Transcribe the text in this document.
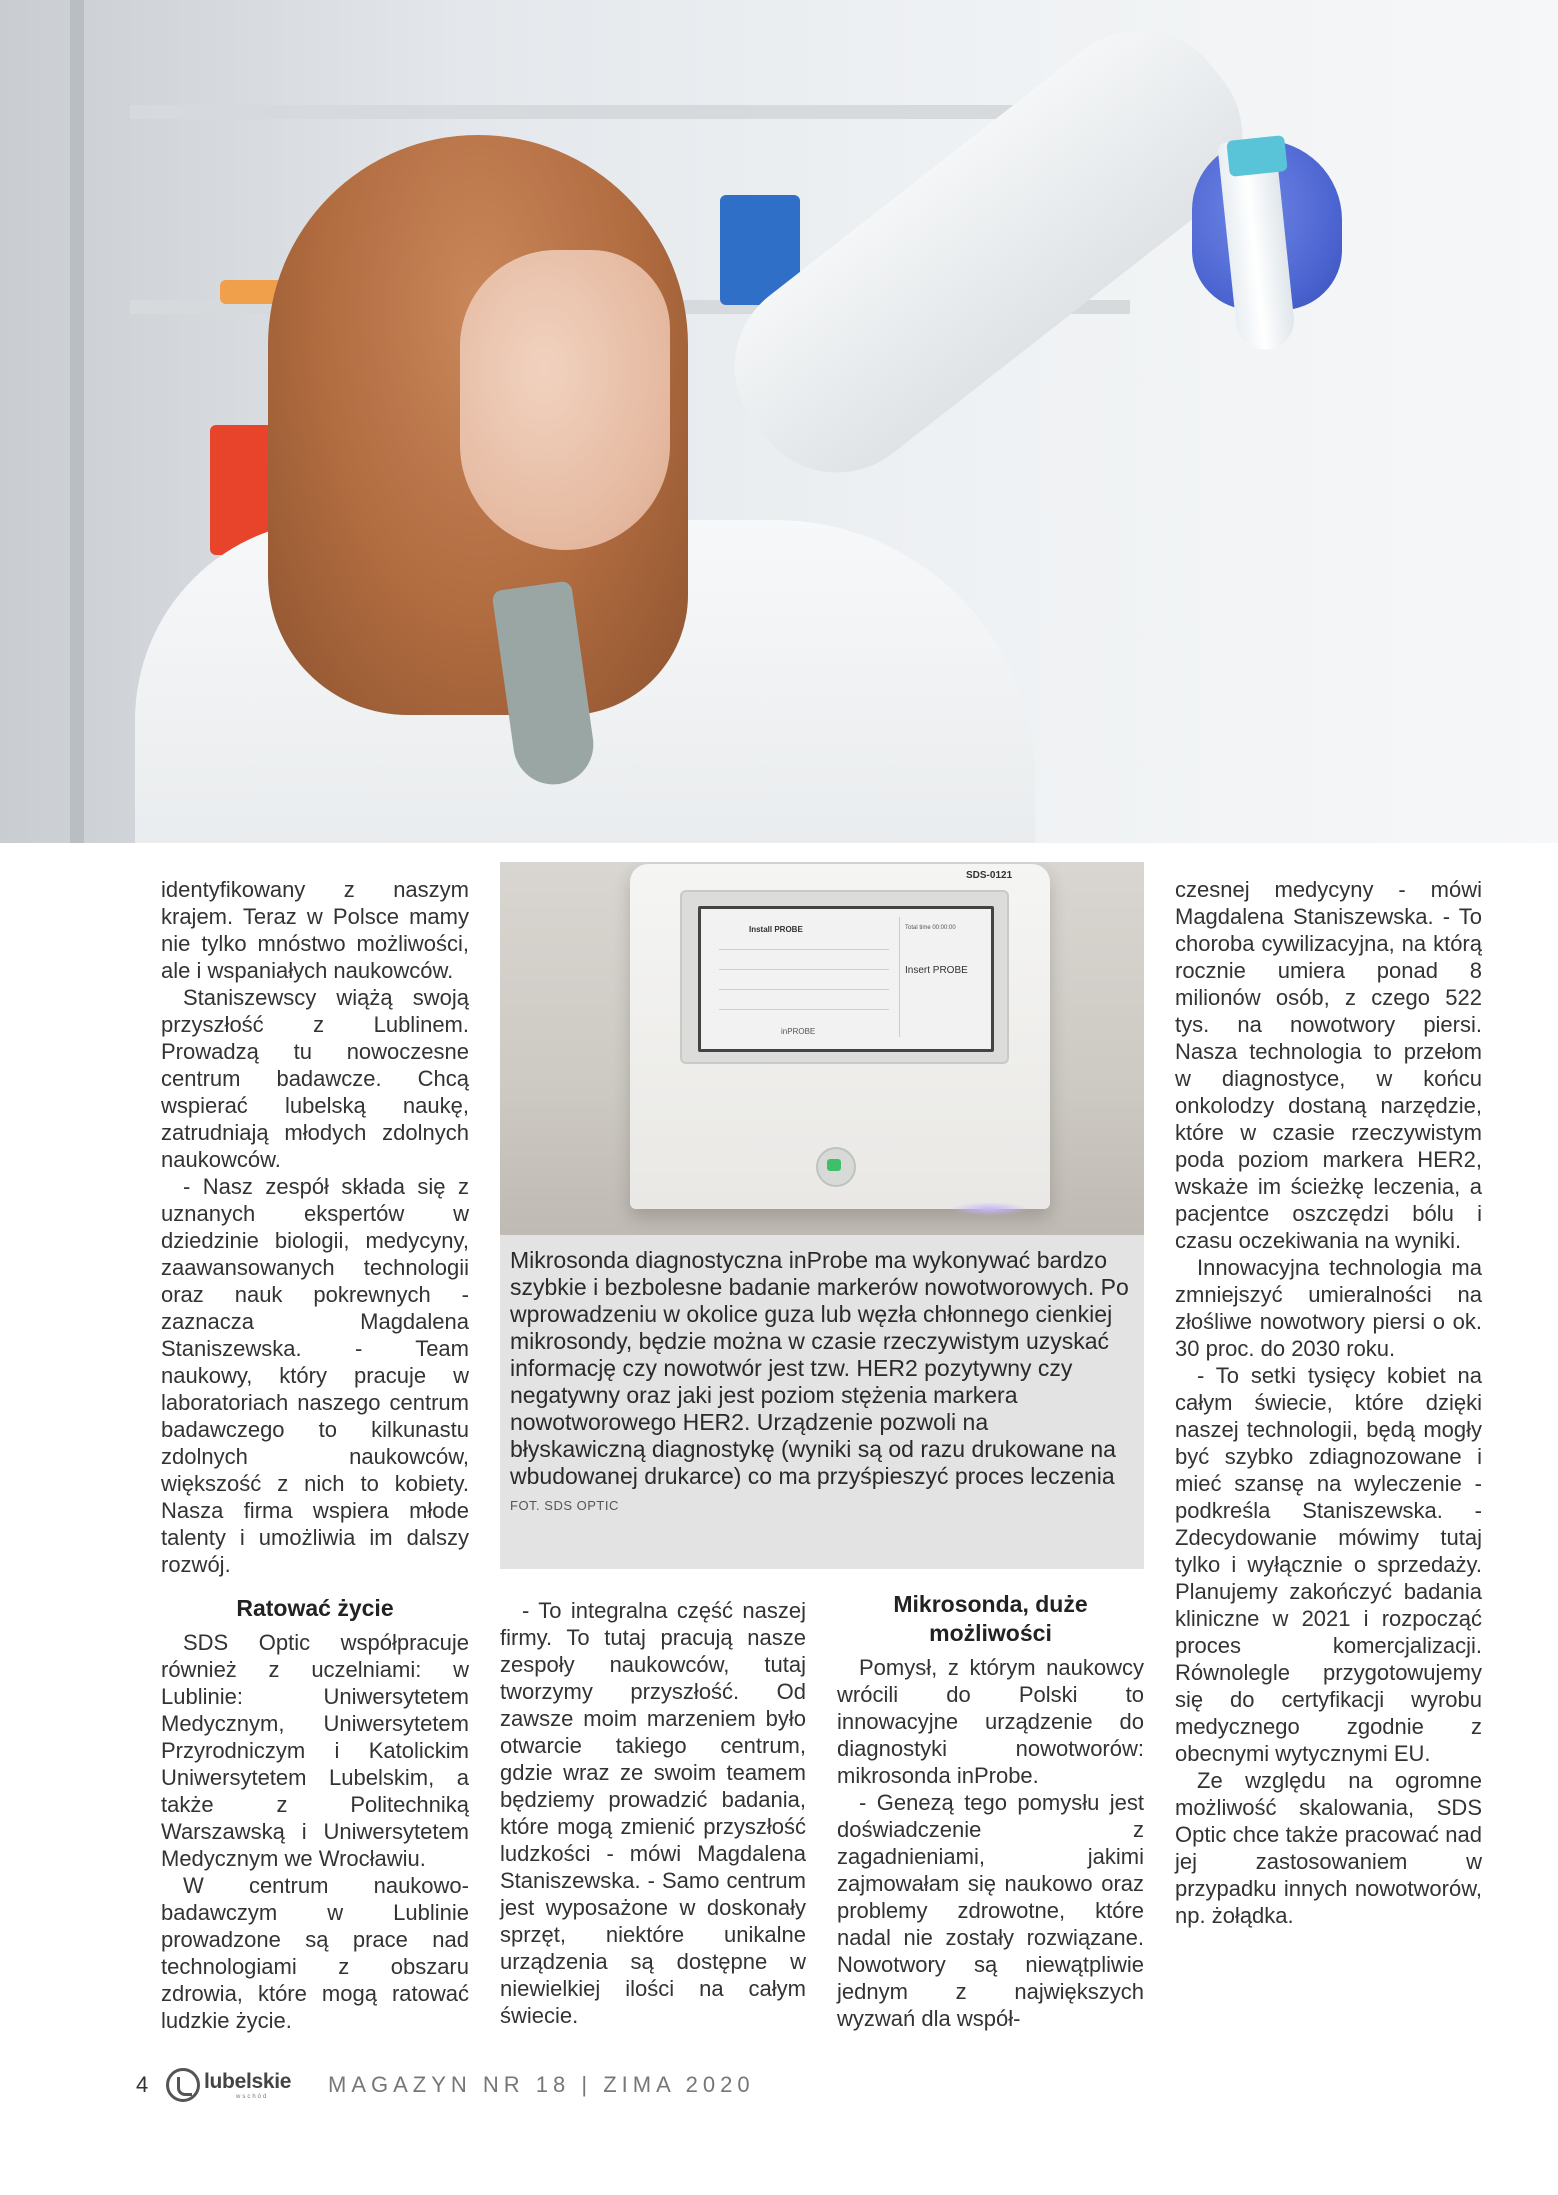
identyfikowany z naszym krajem. Teraz w Polsce mamy nie tylko mnóstwo możliwości, ale i wspaniałych naukowców.

Staniszewscy wiążą swoją przyszłość z Lublinem. Prowadzą tu nowoczesne centrum badawcze. Chcą wspierać lubelską naukę, zatrudniają młodych zdolnych naukowców.

- Nasz zespół składa się z uznanych ekspertów w dziedzinie biologii, medycyny, zaawansowanych technologii oraz nauk pokrewnych - zaznacza Magdalena Staniszewska. - Team naukowy, który pracuje w laboratoriach naszego centrum badawczego to kilkunastu zdolnych naukowców, większość z nich to kobiety. Nasza firma wspiera młode talenty i umożliwia im dalszy rozwój.

Ratować życie

SDS Optic współpracuje również z uczelniami: w Lublinie: Uniwersytetem Medycznym, Uniwersytetem Przyrodniczym i Katolickim Uniwersytetem Lubelskim, a także z Politechniką Warszawską i Uniwersytetem Medycznym we Wrocławiu.

W centrum naukowo-badawczym w Lublinie prowadzone są prace nad technologiami z obszaru zdrowia, które mogą ratować ludzkie życie.

SDS-0121
Install PROBE	Total time 00:00:00
Insert PROBE
inPROBE
Mikrosonda diagnostyczna inProbe ma wykonywać bardzo szybkie i bezbolesne badanie markerów nowotworowych. Po wprowadzeniu w okolice guza lub węzła chłonnego cienkiej mikrosondy, będzie można w czasie rzeczywistym uzyskać informację czy nowotwór jest tzw. HER2 pozytywny czy negatywny oraz jaki jest poziom stężenia markera nowotworowego HER2. Urządzenie pozwoli na błyskawiczną diagnostykę (wyniki są od razu drukowane na wbudowanej drukarce) co ma przyśpieszyć proces leczenia
FOT. SDS OPTIC

- To integralna część naszej firmy. To tutaj pracują nasze zespoły naukowców, tutaj tworzymy przyszłość. Od zawsze moim marzeniem było otwarcie takiego centrum, gdzie wraz ze swoim teamem będziemy prowadzić badania, które mogą zmienić przyszłość ludzkości - mówi Magdalena Staniszewska. - Samo centrum jest wyposażone w doskonały sprzęt, niektóre unikalne urządzenia są dostępne w niewielkiej ilości na całym świecie.

Mikrosonda, duże możliwości

Pomysł, z którym naukowcy wrócili do Polski to innowacyjne urządzenie do diagnostyki nowotworów: mikrosonda inProbe.

- Genezą tego pomysłu jest doświadczenie z zagadnieniami, jakimi zajmowałam się naukowo oraz problemy zdrowotne, które nadal nie zostały rozwiązane. Nowotwory są niewątpliwie jednym z największych wyzwań dla współ-

czesnej medycyny - mówi Magdalena Staniszewska. - To choroba cywilizacyjna, na którą rocznie umiera ponad 8 milionów osób, z czego 522 tys. na nowotwory piersi. Nasza technologia to przełom w diagnostyce, w końcu onkolodzy dostaną narzędzie, które w czasie rzeczywistym poda poziom markera HER2, wskaże im ścieżkę leczenia, a pacjentce oszczędzi bólu i czasu oczekiwania na wyniki.

Innowacyjna technologia ma zmniejszyć umieralności na złośliwe nowotwory piersi o ok. 30 proc. do 2030 roku.

- To setki tysięcy kobiet na całym świecie, które dzięki naszej technologii, będą mogły być szybko zdiagnozowane i mieć szansę na wyleczenie - podkreśla Staniszewska. - Zdecydowanie mówimy tutaj tylko i wyłącznie o sprzedaży. Planujemy zakończyć badania kliniczne w 2021 i rozpocząć proces komercjalizacji. Równolegle przygotowujemy się do certyfikacji wyrobu medycznego zgodnie z obecnymi wytycznymi EU.

Ze względu na ogromne możliwość skalowania, SDS Optic chce także pracować nad jej zastosowaniem w przypadku innych nowotworów, np. żołądka.

4	lubelskie
wschód	MAGAZYN NR 18 | ZIMA 2020
